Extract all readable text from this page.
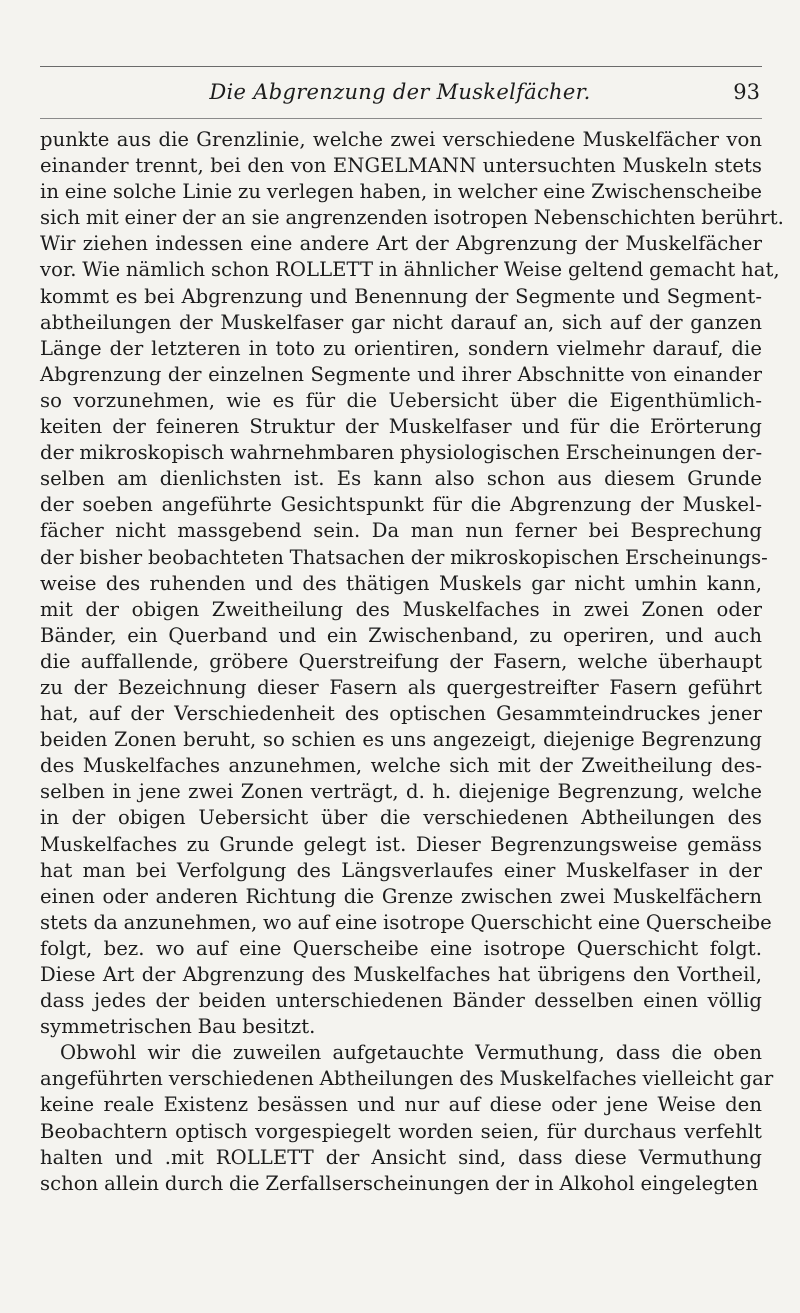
Die Abgrenzung der Muskelfächer.	93
punkte aus die Grenzlinie, welche zwei verschiedene Muskelfächer von
einander trennt, bei den von ENGELMANN untersuchten Muskeln stets
in eine solche Linie zu verlegen haben, in welcher eine Zwischenscheibe
sich mit einer der an sie angrenzenden isotropen Nebenschichten berührt.
Wir ziehen indessen eine andere Art der Abgrenzung der Muskelfächer
vor. Wie nämlich schon ROLLETT in ähnlicher Weise geltend gemacht hat,
kommt es bei Abgrenzung und Benennung der Segmente und Segment-
abtheilungen der Muskelfaser gar nicht darauf an, sich auf der ganzen
Länge der letzteren in toto zu orientiren, sondern vielmehr darauf, die
Abgrenzung der einzelnen Segmente und ihrer Abschnitte von einander
so vorzunehmen, wie es für die Uebersicht über die Eigenthümlich-
keiten der feineren Struktur der Muskelfaser und für die Erörterung
der mikroskopisch wahrnehmbaren physiologischen Erscheinungen der-
selben am dienlichsten ist. Es kann also schon aus diesem Grunde
der soeben angeführte Gesichtspunkt für die Abgrenzung der Muskel-
fächer nicht massgebend sein. Da man nun ferner bei Besprechung
der bisher beobachteten Thatsachen der mikroskopischen Erscheinungs-
weise des ruhenden und des thätigen Muskels gar nicht umhin kann,
mit der obigen Zweitheilung des Muskelfaches in zwei Zonen oder
Bänder, ein Querband und ein Zwischenband, zu operiren, und auch
die auffallende, gröbere Querstreifung der Fasern, welche überhaupt
zu der Bezeichnung dieser Fasern als quergestreifter Fasern geführt
hat, auf der Verschiedenheit des optischen Gesammteindruckes jener
beiden Zonen beruht, so schien es uns angezeigt, diejenige Begrenzung
des Muskelfaches anzunehmen, welche sich mit der Zweitheilung des-
selben in jene zwei Zonen verträgt, d. h. diejenige Begrenzung, welche
in der obigen Uebersicht über die verschiedenen Abtheilungen des
Muskelfaches zu Grunde gelegt ist. Dieser Begrenzungsweise gemäss
hat man bei Verfolgung des Längsverlaufes einer Muskelfaser in der
einen oder anderen Richtung die Grenze zwischen zwei Muskelfächern
stets da anzunehmen, wo auf eine isotrope Querschicht eine Querscheibe
folgt, bez. wo auf eine Querscheibe eine isotrope Querschicht folgt.
Diese Art der Abgrenzung des Muskelfaches hat übrigens den Vortheil,
dass jedes der beiden unterschiedenen Bänder desselben einen völlig
symmetrischen Bau besitzt.
Obwohl wir die zuweilen aufgetauchte Vermuthung, dass die oben
angeführten verschiedenen Abtheilungen des Muskelfaches vielleicht gar
keine reale Existenz besässen und nur auf diese oder jene Weise den
Beobachtern optisch vorgespiegelt worden seien, für durchaus verfehlt
halten und .mit ROLLETT der Ansicht sind, dass diese Vermuthung
schon allein durch die Zerfallserscheinungen der in Alkohol eingelegten
